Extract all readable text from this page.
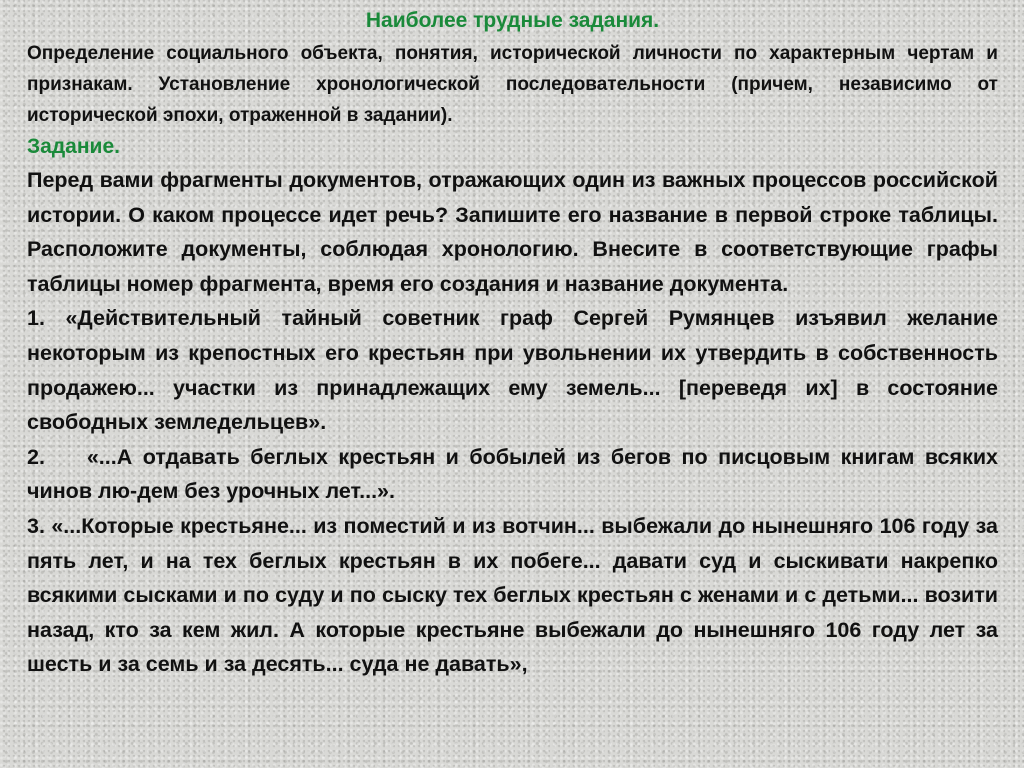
Наиболее трудные задания.

Определение социального объекта, понятия, исторической личности по характерным чертам и признакам. Установление хронологической последовательности (причем, независимо от исторической эпохи, отраженной в задании).

Задание.

Перед вами фрагменты документов, отражающих один из важных процессов российской истории. О каком процессе идет речь? Запишите его название в первой строке таблицы. Расположите документы, соблюдая хронологию. Внесите в соответствующие графы таблицы номер фрагмента, время его создания и название документа.

1. «Действительный тайный советник граф Сергей Румянцев изъявил желание некоторым из крепостных его крестьян при увольнении их утвердить в собственность продажею... участки из принадлежащих ему земель... [переведя их] в состояние свободных земледельцев».

2.    «...А отдавать беглых крестьян и бобылей из бегов по писцовым книгам всяких чинов лю-дем без урочных лет...».

3. «...Которые крестьяне... из поместий и из вотчин... выбежали до нынешняго 106 году за пять лет, и на тех беглых крестьян в их побеге... давати суд и сыскивати накрепко всякими сысками и по суду и по сыску тех беглых крестьян с женами и с детьми... возити назад, кто за кем жил. А которые крестьяне выбежали до нынешняго 106 году лет за шесть и за семь и за десять... суда не давать»,
